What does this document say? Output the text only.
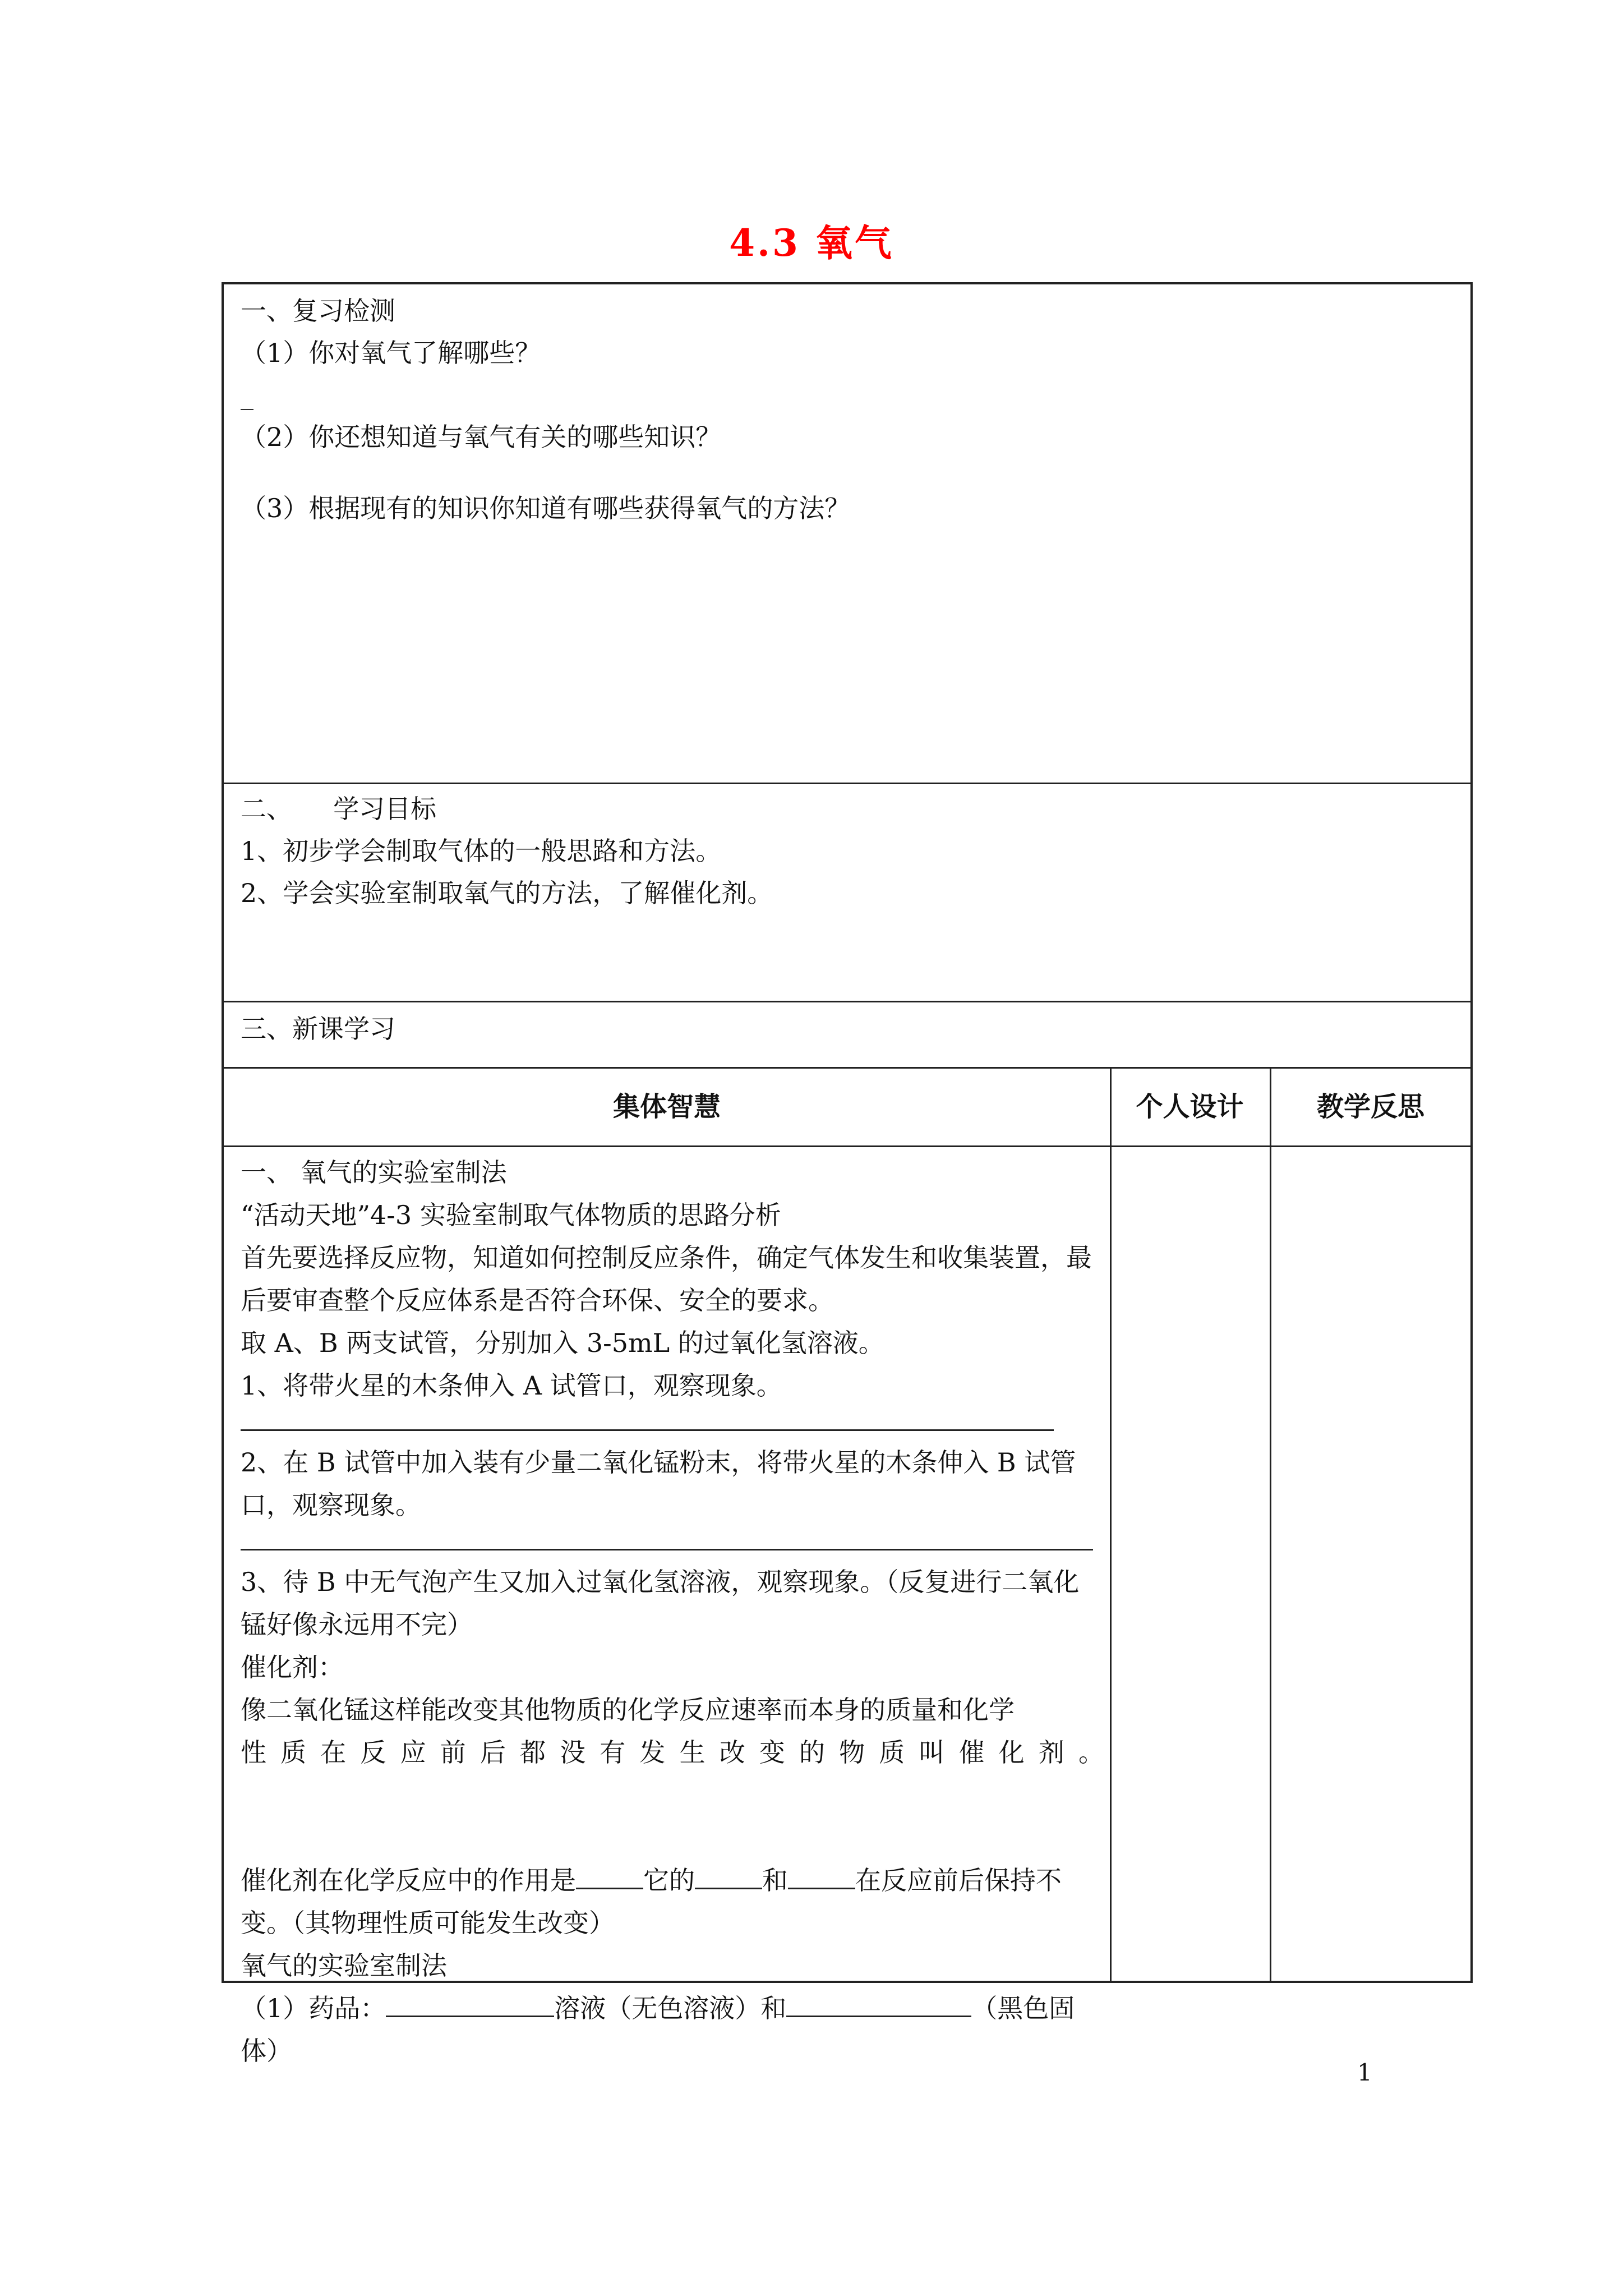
4.3 氧气

一、复习检测

（1）你对氧气了解哪些？

_

（2）你还想知道与氧气有关的哪些知识？

（3）根据现有的知识你知道有哪些获得氧气的方法？

二、     学习目标

1、初步学会制取气体的一般思路和方法。

2、学会实验室制取氧气的方法，了解催化剂。

三、新课学习

集体智慧	个人设计	教学反思

一、 氧气的实验室制法

“活动天地”4-3 实验室制取气体物质的思路分析

首先要选择反应物，知道如何控制反应条件，确定气体发生和收集装置，最后要审查整个反应体系是否符合环保、安全的要求。

取 A、B 两支试管，分别加入 3-5mL 的过氧化氢溶液。

1、将带火星的木条伸入 A 试管口，观察现象。

2、在 B 试管中加入装有少量二氧化锰粉末，将带火星的木条伸入 B 试管口，观察现象。

3、待 B 中无气泡产生又加入过氧化氢溶液，观察现象。（反复进行二氧化锰好像永远用不完）

催化剂：

像二氧化锰这样能改变其他物质的化学反应速率而本身的质量和化学

性质在反应前后都没有发生改变的物质叫催化剂。

催化剂在化学反应中的作用是	它的	和	在反应前后保持不变。（其物理性质可能发生改变）

氧气的实验室制法

（1）药品：	溶液（无色溶液）和	（黑色固体）

1
